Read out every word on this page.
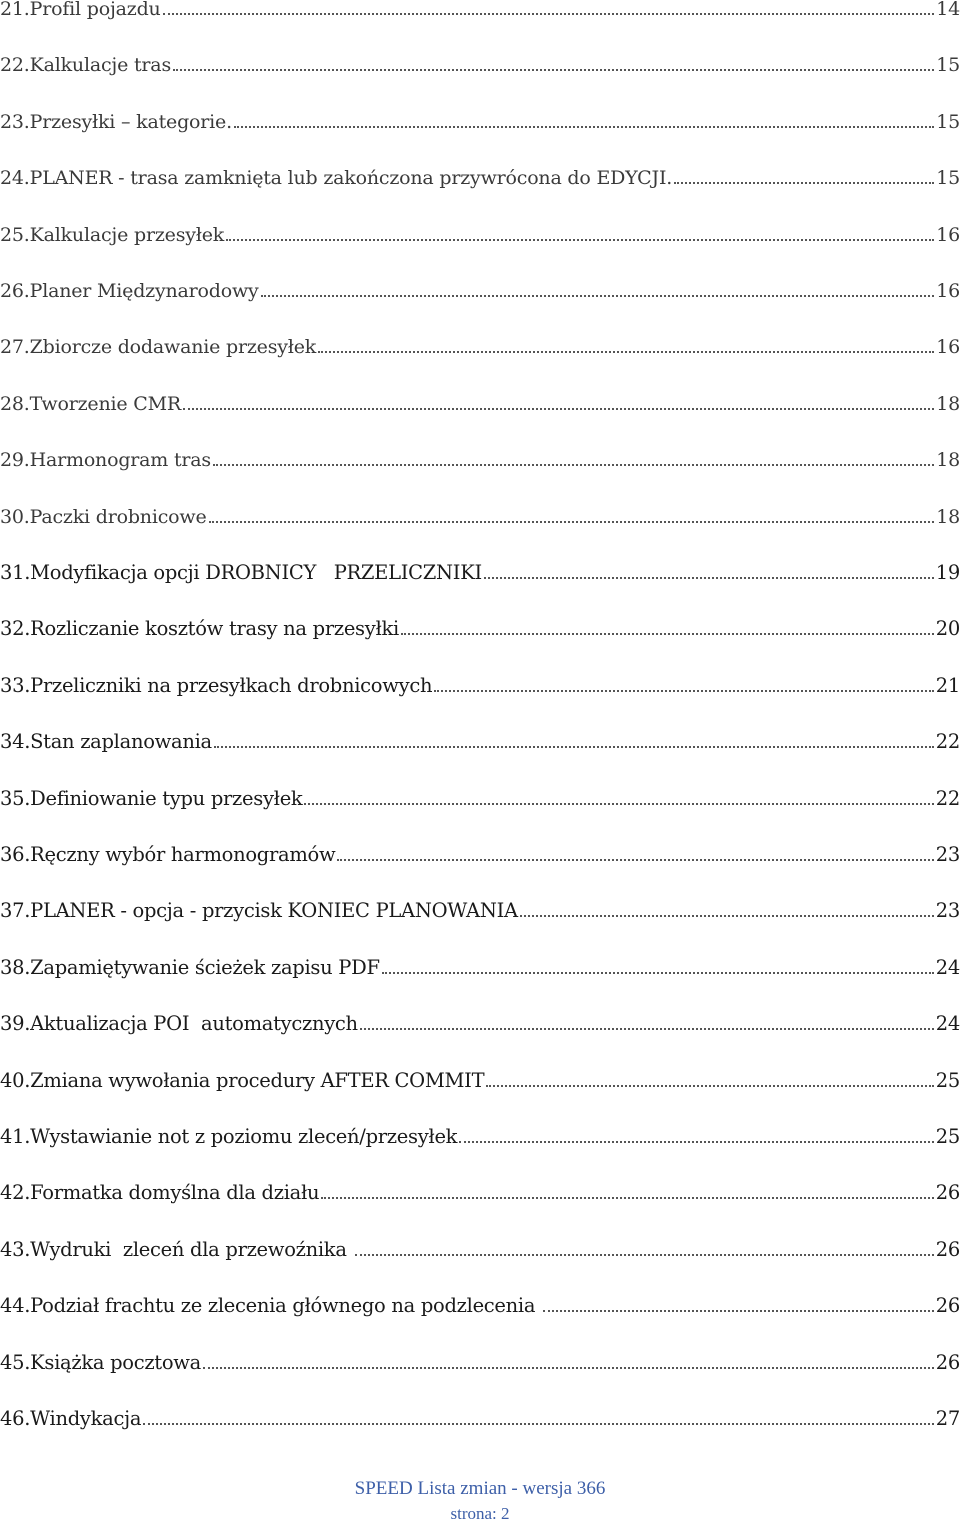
21. Profil pojazdu	14
22. Kalkulacje tras	15
23. Przesyłki – kategorie.	15
24. PLANER - trasa zamknięta lub zakończona przywrócona do EDYCJI.	15
25. Kalkulacje przesyłek	16
26. Planer Międzynarodowy	16
27. Zbiorcze dodawanie przesyłek	16
28. Tworzenie CMR	18
29. Harmonogram tras	18
30. Paczki drobnicowe	18
31. Modyfikacja opcji DROBNICY   PRZELICZNIKI	19
32. Rozliczanie kosztów trasy na przesyłki	20
33. Przeliczniki na przesyłkach drobnicowych	21
34. Stan zaplanowania	22
35. Definiowanie typu przesyłek	22
36. Ręczny wybór harmonogramów	23
37. PLANER - opcja - przycisk KONIEC PLANOWANIA	23
38. Zapamiętywanie ścieżek zapisu PDF	24
39. Aktualizacja POI  automatycznych	24
40. Zmiana wywołania procedury AFTER COMMIT	25
41. Wystawianie not z poziomu zleceń/przesyłek	25
42. Formatka domyślna dla działu	26
43. Wydruki  zleceń dla przewoźnika	26
44. Podział frachtu ze zlecenia głównego na podzlecenia	26
45. Książka pocztowa	26
46. Windykacja	27
SPEED Lista zmian - wersja 366
strona: 2
